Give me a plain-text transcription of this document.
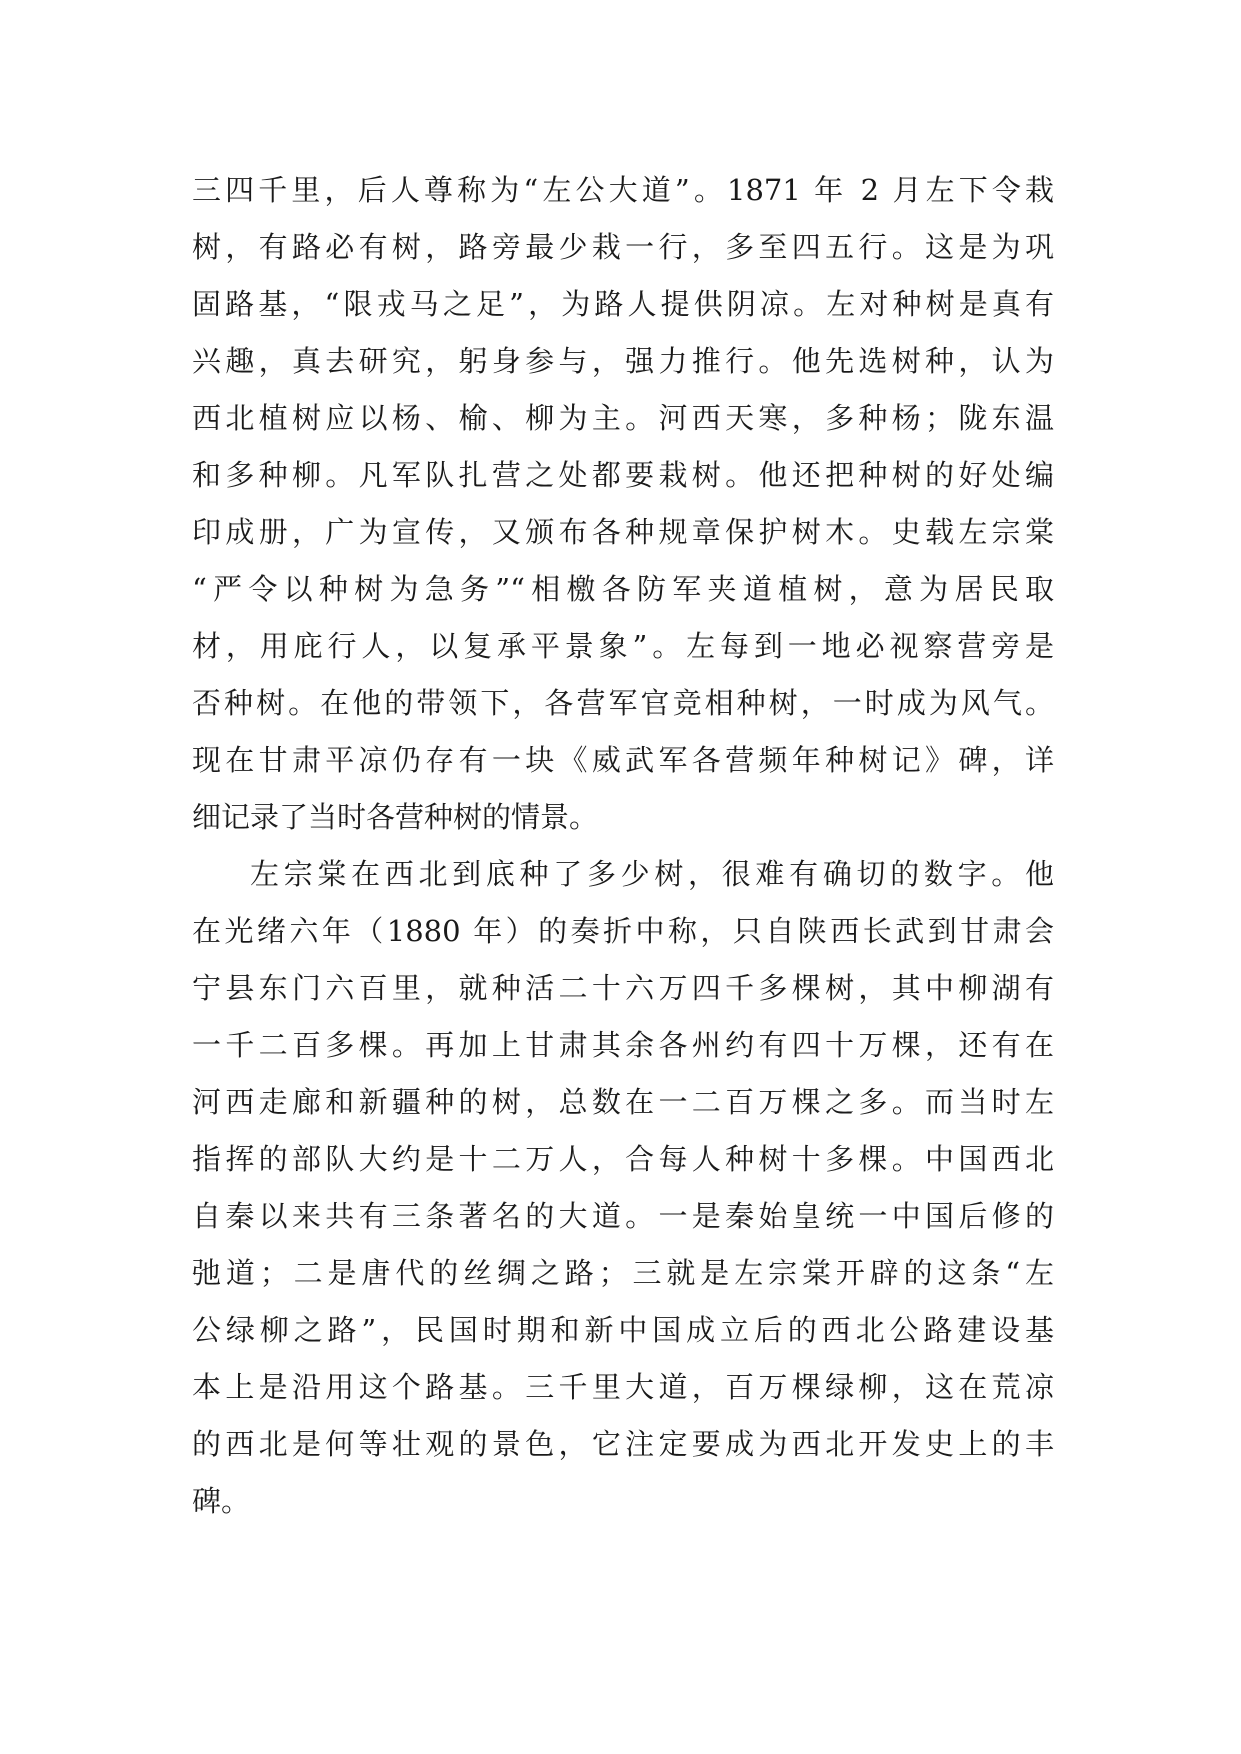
三四千里，后人尊称为“左公大道”。1871 年 2 月左下令栽
树，有路必有树，路旁最少栽一行，多至四五行。这是为巩
固路基，“限戎马之足”，为路人提供阴凉。左对种树是真有
兴趣，真去研究，躬身参与，强力推行。他先选树种，认为
西北植树应以杨、榆、柳为主。河西天寒，多种杨；陇东温
和多种柳。凡军队扎营之处都要栽树。他还把种树的好处编
印成册，广为宣传，又颁布各种规章保护树木。史载左宗棠
“严令以种树为急务”“相檄各防军夹道植树，意为居民取
材，用庇行人，以复承平景象”。左每到一地必视察营旁是
否种树。在他的带领下，各营军官竞相种树，一时成为风气。
现在甘肃平凉仍存有一块《威武军各营频年种树记》碑，详
细记录了当时各营种树的情景。
左宗棠在西北到底种了多少树，很难有确切的数字。他
在光绪六年（1880 年）的奏折中称，只自陕西长武到甘肃会
宁县东门六百里，就种活二十六万四千多棵树，其中柳湖有
一千二百多棵。再加上甘肃其余各州约有四十万棵，还有在
河西走廊和新疆种的树，总数在一二百万棵之多。而当时左
指挥的部队大约是十二万人，合每人种树十多棵。中国西北
自秦以来共有三条著名的大道。一是秦始皇统一中国后修的
弛道；二是唐代的丝绸之路；三就是左宗棠开辟的这条“左
公绿柳之路”，民国时期和新中国成立后的西北公路建设基
本上是沿用这个路基。三千里大道，百万棵绿柳，这在荒凉
的西北是何等壮观的景色，它注定要成为西北开发史上的丰
碑。
